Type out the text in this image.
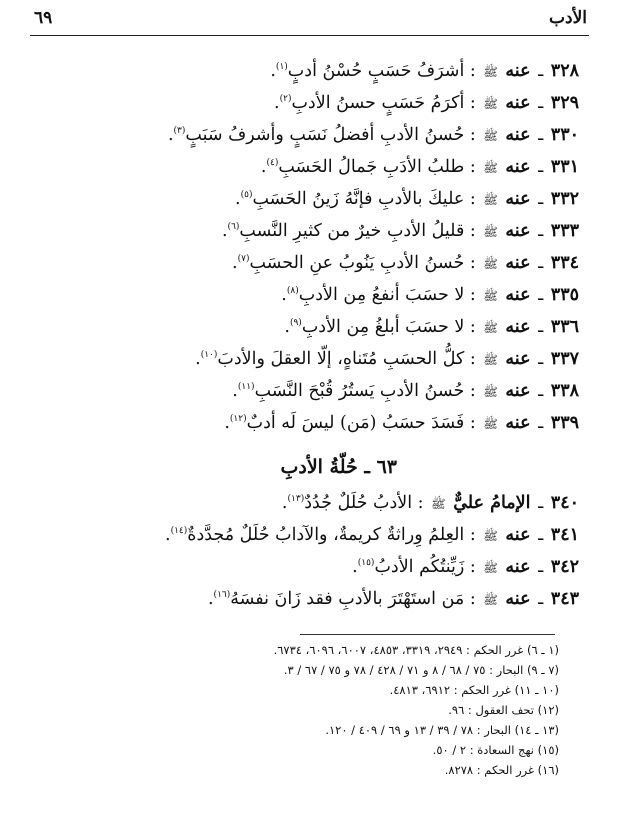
الأدب
٦٩
٣٢٨ ـ عنه ﷺ : أشرَفُ حَسَبٍ حُسْنُ أدبٍ$^{(١)}$.
٣٢٩ ـ عنه ﷺ : أكرَمُ حَسَبٍ حسنُ الأدبِ$^{(٢)}$.
٣٣٠ ـ عنه ﷺ : حُسنُ الأدبِ أفضلُ نَسَبٍ وأشرفُ سَبَبٍ$^{(٣)}$.
٣٣١ ـ عنه ﷺ : طلبُ الأدَبِ جَمالُ الحَسَبِ$^{(٤)}$.
٣٣٢ ـ عنه ﷺ : عليكَ بالأدبِ فإنَّهُ زَينُ الحَسَبِ$^{(٥)}$.
٣٣٣ ـ عنه ﷺ : قليلُ الأدبِ خيرٌ من كثيرِ النَّسبِ$^{(٦)}$.
٣٣٤ ـ عنه ﷺ : حُسنُ الأدبِ يَنُوبُ عنِ الحسَبِ$^{(٧)}$.
٣٣٥ ـ عنه ﷺ : لا حسَبَ أنفعُ مِن الأدبِ$^{(٨)}$.
٣٣٦ ـ عنه ﷺ : لا حسَبَ أبلغُ مِن الأدبِ$^{(٩)}$.
٣٣٧ ـ عنه ﷺ : كلُّ الحسَبِ مُتَناهٍ، إلّا العقلَ والأدبَ$^{(١٠)}$.
٣٣٨ ـ عنه ﷺ : حُسنُ الأدبِ يَستُرُ قُبْحَ النَّسَبِ$^{(١١)}$.
٣٣٩ ـ عنه ﷺ : فَسَدَ حسَبُ (مَن) ليسَ لَه أدبٌ$^{(١٢)}$.
٦٣ ـ حُلّةُ الأدبِ
٣٤٠ ـ الإمامُ عليٌّ ﷺ : الأدبُ حُلَلٌ جُدُدٌ$^{(١٣)}$.
٣٤١ ـ عنه ﷺ : العِلمُ وِراثةٌ كريمةٌ، والآدابُ حُلَلٌ مُجدَّدةٌ$^{(١٤)}$.
٣٤٢ ـ عنه ﷺ : زَيِّنتُكُم الأدبُ$^{(١٥)}$.
٣٤٣ ـ عنه ﷺ : مَن استَهْتَرَ بالأدبِ فقد زَانَ نفسَهُ$^{(١٦)}$.
(١ ـ ٦) غرر الحكم : ٢٩٤٩، ٣٣١٩، ٤٨٥٣، ٦٠٠٧، ٦٠٩٦، ٦٧٣٤.
(٧ ـ ٩) البحار : ٧٥ / ٦٨ / ٨ و ٧١ / ٤٢٨ / ٧٨ و ٧٥ / ٦٧ / ٣.
(١٠ ـ ١١) غرر الحكم : ٦٩١٢، ٤٨١٣.
(١٢) تحف العقول : ٩٦.
(١٣ ـ ١٤) البحار : ٧٨ / ٣٩ / ١٣ و ٦٩ / ٤٠٩ / ١٢٠.
(١٥) نهج السعادة : ٢ / ٥٠.
(١٦) غرر الحكم : ٨٢٧٨.
